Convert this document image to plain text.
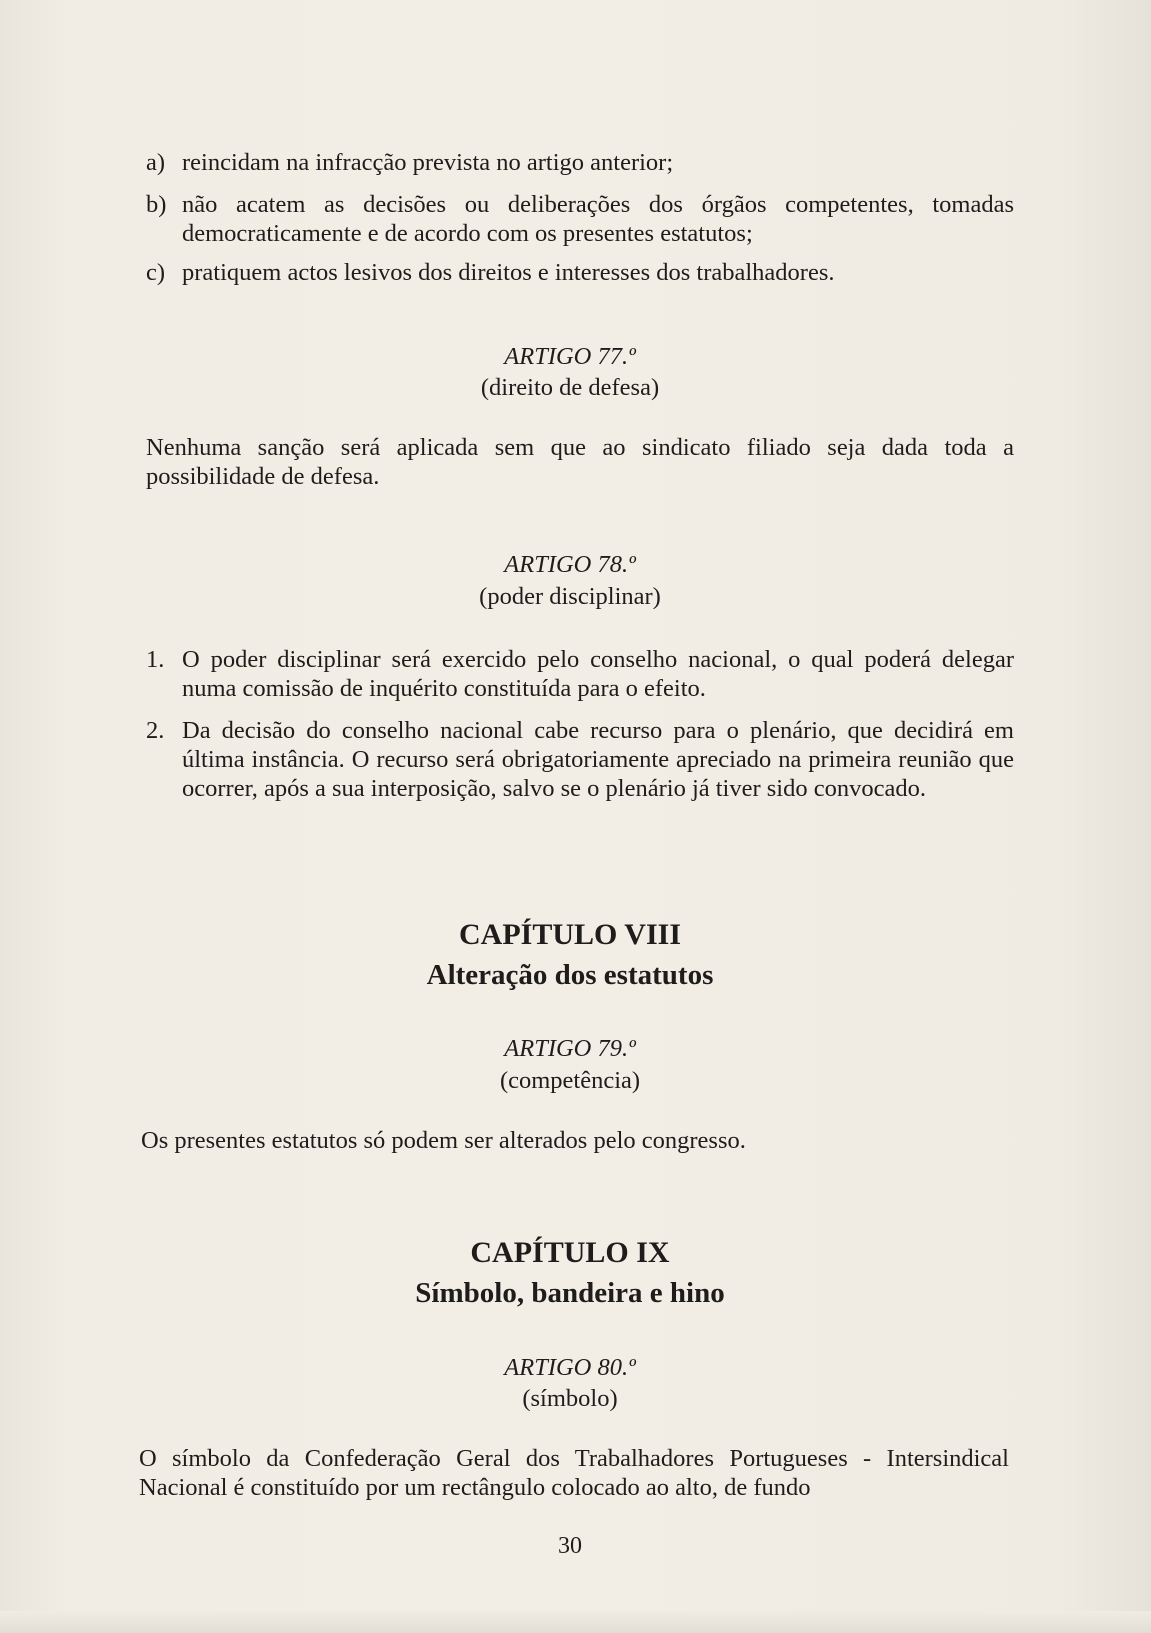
a) reincidam na infracção prevista no artigo anterior;
b) não acatem as decisões ou deliberações dos órgãos competentes, tomadas democraticamente e de acordo com os presentes estatutos;
c) pratiquem actos lesivos dos direitos e interesses dos trabalhadores.
ARTIGO 77.º
(direito de defesa)
Nenhuma sanção será aplicada sem que ao sindicato filiado seja dada toda a possibilidade de defesa.
ARTIGO 78.º
(poder disciplinar)
1. O poder disciplinar será exercido pelo conselho nacional, o qual poderá delegar numa comissão de inquérito constituída para o efeito.
2. Da decisão do conselho nacional cabe recurso para o plenário, que decidirá em última instância. O recurso será obrigatoriamente apreciado na primeira reunião que ocorrer, após a sua interposição, salvo se o plenário já tiver sido convocado.
CAPÍTULO VIII
Alteração dos estatutos
ARTIGO 79.º
(competência)
Os presentes estatutos só podem ser alterados pelo congresso.
CAPÍTULO IX
Símbolo, bandeira e hino
ARTIGO 80.º
(símbolo)
O símbolo da Confederação Geral dos Trabalhadores Portugueses - Intersindical Nacional é constituído por um rectângulo colocado ao alto, de fundo
30
